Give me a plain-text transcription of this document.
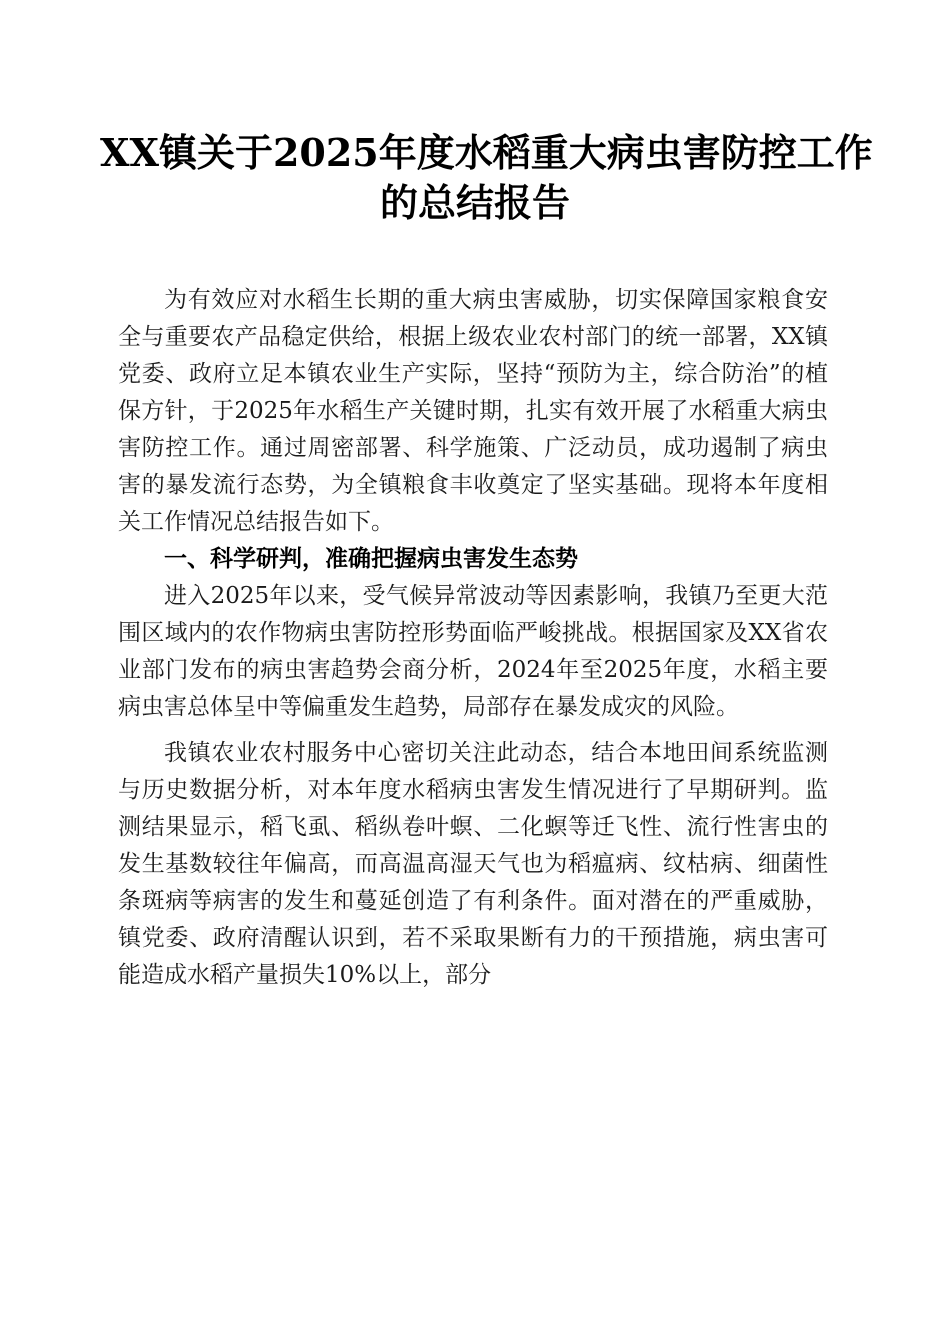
XX镇关于2025年度水稻重大病虫害防控工作
的总结报告

为有效应对水稻生长期的重大病虫害威胁，切实保障国家粮食安全与重要农产品稳定供给，根据上级农业农村部门的统一部署，XX镇党委、政府立足本镇农业生产实际，坚持“预防为主，综合防治”的植保方针，于2025年水稻生产关键时期，扎实有效开展了水稻重大病虫害防控工作。通过周密部署、科学施策、广泛动员，成功遏制了病虫害的暴发流行态势，为全镇粮食丰收奠定了坚实基础。现将本年度相关工作情况总结报告如下。

一、科学研判，准确把握病虫害发生态势

进入2025年以来，受气候异常波动等因素影响，我镇乃至更大范围区域内的农作物病虫害防控形势面临严峻挑战。根据国家及XX省农业部门发布的病虫害趋势会商分析，2024年至2025年度，水稻主要病虫害总体呈中等偏重发生趋势，局部存在暴发成灾的风险。

我镇农业农村服务中心密切关注此动态，结合本地田间系统监测与历史数据分析，对本年度水稻病虫害发生情况进行了早期研判。监测结果显示，稻飞虱、稻纵卷叶螟、二化螟等迁飞性、流行性害虫的发生基数较往年偏高，而高温高湿天气也为稻瘟病、纹枯病、细菌性条斑病等病害的发生和蔓延创造了有利条件。面对潜在的严重威胁，镇党委、政府清醒认识到，若不采取果断有力的干预措施，病虫害可能造成水稻产量损失10%以上，部分
